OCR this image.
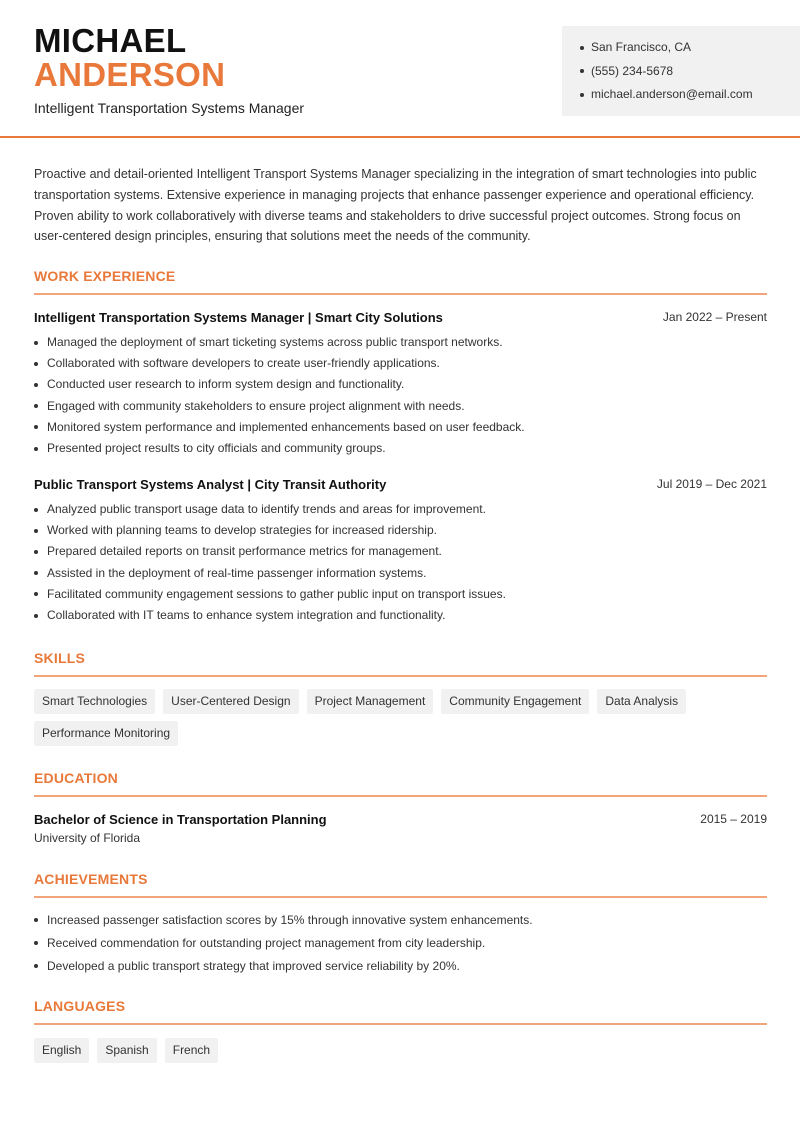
MICHAEL
ANDERSON
Intelligent Transportation Systems Manager
San Francisco, CA
(555) 234-5678
michael.anderson@email.com
Proactive and detail-oriented Intelligent Transport Systems Manager specializing in the integration of smart technologies into public transportation systems. Extensive experience in managing projects that enhance passenger experience and operational efficiency. Proven ability to work collaboratively with diverse teams and stakeholders to drive successful project outcomes. Strong focus on user-centered design principles, ensuring that solutions meet the needs of the community.
WORK EXPERIENCE
Intelligent Transportation Systems Manager | Smart City Solutions	Jan 2022 – Present
Managed the deployment of smart ticketing systems across public transport networks.
Collaborated with software developers to create user-friendly applications.
Conducted user research to inform system design and functionality.
Engaged with community stakeholders to ensure project alignment with needs.
Monitored system performance and implemented enhancements based on user feedback.
Presented project results to city officials and community groups.
Public Transport Systems Analyst | City Transit Authority	Jul 2019 – Dec 2021
Analyzed public transport usage data to identify trends and areas for improvement.
Worked with planning teams to develop strategies for increased ridership.
Prepared detailed reports on transit performance metrics for management.
Assisted in the deployment of real-time passenger information systems.
Facilitated community engagement sessions to gather public input on transport issues.
Collaborated with IT teams to enhance system integration and functionality.
SKILLS
Smart Technologies	User-Centered Design	Project Management	Community Engagement	Data Analysis
Performance Monitoring
EDUCATION
Bachelor of Science in Transportation Planning	2015 – 2019
University of Florida
ACHIEVEMENTS
Increased passenger satisfaction scores by 15% through innovative system enhancements.
Received commendation for outstanding project management from city leadership.
Developed a public transport strategy that improved service reliability by 20%.
LANGUAGES
English	Spanish	French
